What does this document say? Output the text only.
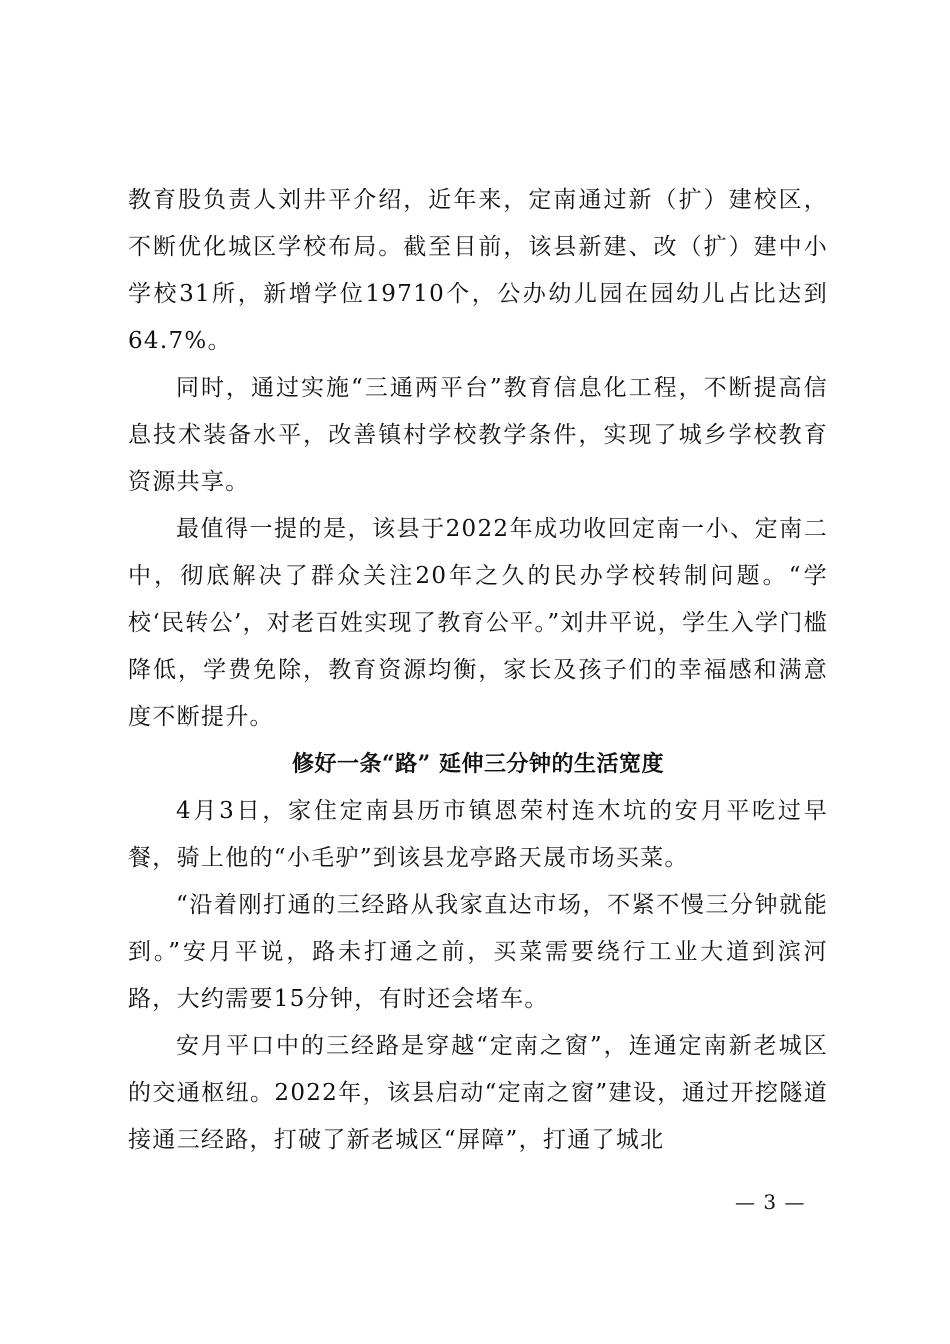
教育股负责人刘井平介绍，近年来，定南通过新（扩）建校区，不断优化城区学校布局。截至目前，该县新建、改（扩）建中小学校31所，新增学位19710个，公办幼儿园在园幼儿占比达到64.7%。

同时，通过实施“三通两平台”教育信息化工程，不断提高信息技术装备水平，改善镇村学校教学条件，实现了城乡学校教育资源共享。

最值得一提的是，该县于2022年成功收回定南一小、定南二中，彻底解决了群众关注20年之久的民办学校转制问题。“学校‘民转公’，对老百姓实现了教育公平。”刘井平说，学生入学门槛降低，学费免除，教育资源均衡，家长及孩子们的幸福感和满意度不断提升。

修好一条“路” 延伸三分钟的生活宽度

4月3日，家住定南县历市镇恩荣村连木坑的安月平吃过早餐，骑上他的“小毛驴”到该县龙亭路天晟市场买菜。

“沿着刚打通的三经路从我家直达市场，不紧不慢三分钟就能到。”安月平说，路未打通之前，买菜需要绕行工业大道到滨河路，大约需要15分钟，有时还会堵车。

安月平口中的三经路是穿越“定南之窗”，连通定南新老城区的交通枢纽。2022年，该县启动“定南之窗”建设，通过开挖隧道接通三经路，打破了新老城区“屏障”，打通了城北

— 3 —
